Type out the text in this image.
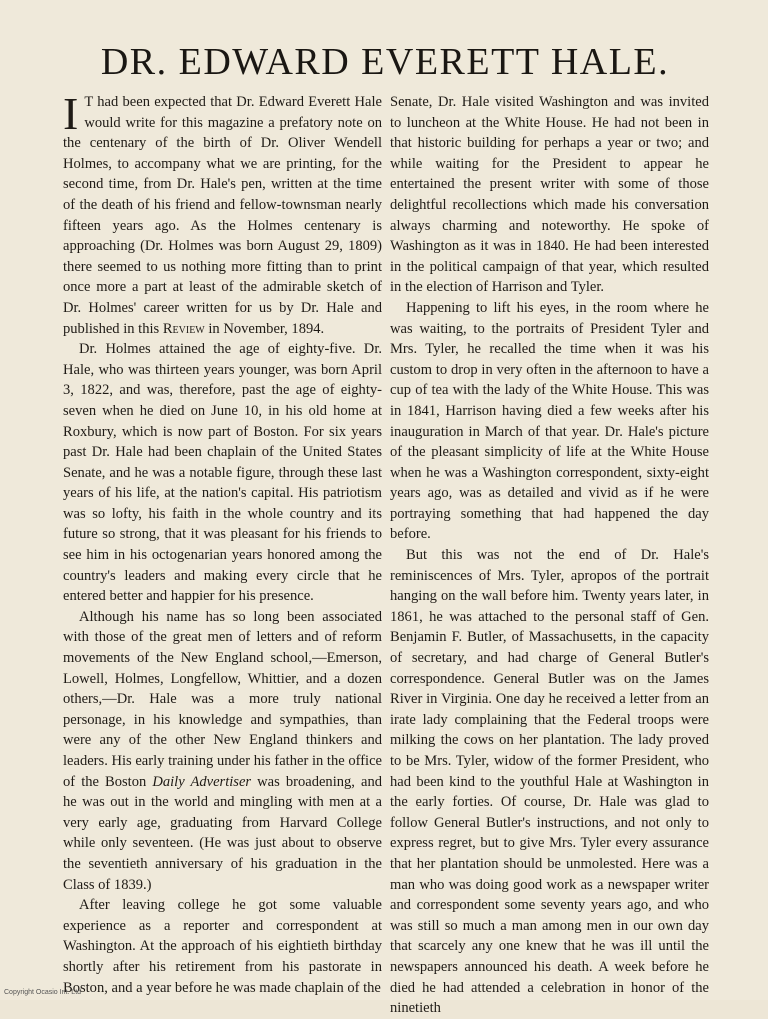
DR. EDWARD EVERETT HALE.

I T had been expected that Dr. Edward Everett Hale would write for this magazine a prefatory note on the centenary of the birth of Dr. Oliver Wendell Holmes, to accompany what we are printing, for the second time, from Dr. Hale's pen, written at the time of the death of his friend and fellow-townsman nearly fifteen years ago. As the Holmes centenary is approaching (Dr. Holmes was born August 29, 1809) there seemed to us nothing more fitting than to print once more a part at least of the admirable sketch of Dr. Holmes' career written for us by Dr. Hale and published in this Review in November, 1894.

Dr. Holmes attained the age of eighty-five. Dr. Hale, who was thirteen years younger, was born April 3, 1822, and was, therefore, past the age of eighty-seven when he died on June 10, in his old home at Roxbury, which is now part of Boston. For six years past Dr. Hale had been chaplain of the United States Senate, and he was a notable figure, through these last years of his life, at the nation's capital. His patriotism was so lofty, his faith in the whole country and its future so strong, that it was pleasant for his friends to see him in his octogenarian years honored among the country's leaders and making every circle that he entered better and happier for his presence.

Although his name has so long been associated with those of the great men of letters and of reform movements of the New England school,—Emerson, Lowell, Holmes, Longfellow, Whittier, and a dozen others,—Dr. Hale was a more truly national personage, in his knowledge and sympathies, than were any of the other New England thinkers and leaders. His early training under his father in the office of the Boston Daily Advertiser was broadening, and he was out in the world and mingling with men at a very early age, graduating from Harvard College while only seventeen. (He was just about to observe the seventieth anniversary of his graduation in the Class of 1839.)

After leaving college he got some valuable experience as a reporter and correspondent at Washington. At the approach of his eightieth birthday shortly after his retirement from his pastorate in Boston, and a year before he was made chaplain of the

Senate, Dr. Hale visited Washington and was invited to luncheon at the White House. He had not been in that historic building for perhaps a year or two; and while waiting for the President to appear he entertained the present writer with some of those delightful recollections which made his conversation always charming and noteworthy. He spoke of Washington as it was in 1840. He had been interested in the political campaign of that year, which resulted in the election of Harrison and Tyler.

Happening to lift his eyes, in the room where he was waiting, to the portraits of President Tyler and Mrs. Tyler, he recalled the time when it was his custom to drop in very often in the afternoon to have a cup of tea with the lady of the White House. This was in 1841, Harrison having died a few weeks after his inauguration in March of that year. Dr. Hale's picture of the pleasant simplicity of life at the White House when he was a Washington correspondent, sixty-eight years ago, was as detailed and vivid as if he were portraying something that had happened the day before.

But this was not the end of Dr. Hale's reminiscences of Mrs. Tyler, apropos of the portrait hanging on the wall before him. Twenty years later, in 1861, he was attached to the personal staff of Gen. Benjamin F. Butler, of Massachusetts, in the capacity of secretary, and had charge of General Butler's correspondence. General Butler was on the James River in Virginia. One day he received a letter from an irate lady complaining that the Federal troops were milking the cows on her plantation. The lady proved to be Mrs. Tyler, widow of the former President, who had been kind to the youthful Hale at Washington in the early forties. Of course, Dr. Hale was glad to follow General Butler's instructions, and not only to express regret, but to give Mrs. Tyler every assurance that her plantation should be unmolested. Here was a man who was doing good work as a newspaper writer and correspondent some seventy years ago, and who was still so much a man among men in our own day that scarcely any one knew that he was ill until the newspapers announced his death. A week before he died he had attended a celebration in honor of the ninetieth

Copyright Ocasio Int. Ltd
